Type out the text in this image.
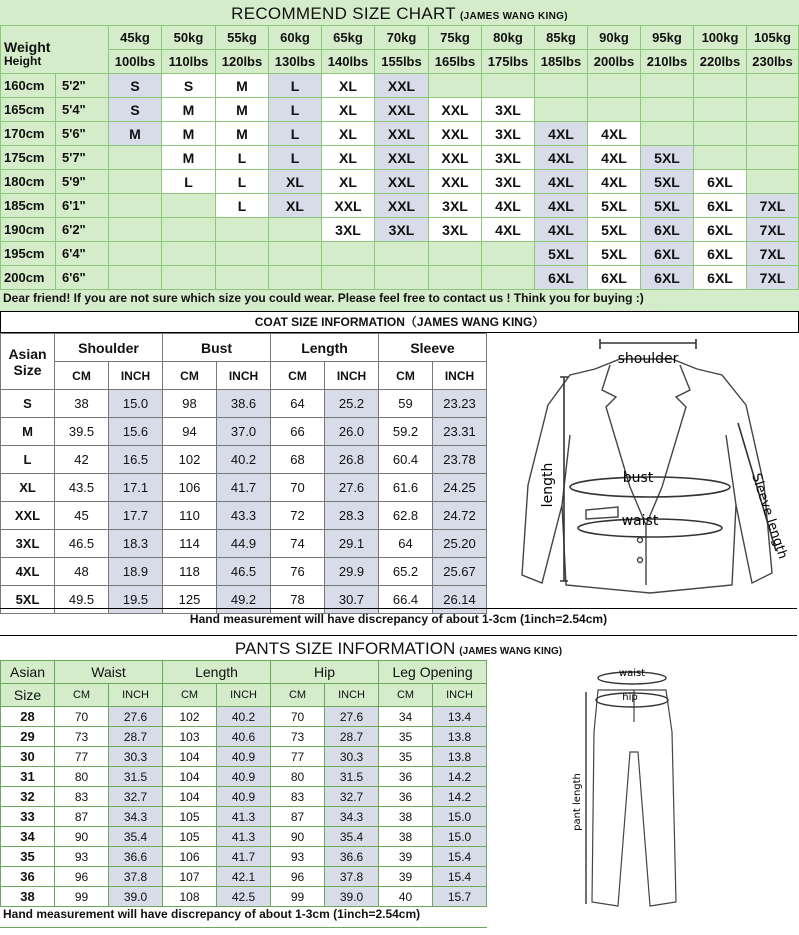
RECOMMEND SIZE CHART (JAMES WANG KING)
Weight
Height		45kg	50kg	55kg	60kg	65kg	70kg	75kg	80kg	85kg	90kg	95kg	100kg	105kg
		100lbs	110lbs	120lbs	130lbs	140lbs	155lbs	165lbs	175lbs	185lbs	200lbs	210lbs	220lbs	230lbs
160cm	5'2"	S	S	M	L	XL	XXL							
165cm	5'4"	S	M	M	L	XL	XXL	XXL	3XL					
170cm	5'6"	M	M	M	L	XL	XXL	XXL	3XL	4XL	4XL			
175cm	5'7"		M	L	L	XL	XXL	XXL	3XL	4XL	4XL	5XL		
180cm	5'9"		L	L	XL	XL	XXL	XXL	3XL	4XL	4XL	5XL	6XL	
185cm	6'1"			L	XL	XXL	XXL	3XL	4XL	4XL	5XL	5XL	6XL	7XL
190cm	6'2"					3XL	3XL	3XL	4XL	4XL	5XL	6XL	6XL	7XL
195cm	6'4"									5XL	5XL	6XL	6XL	7XL
200cm	6'6"									6XL	6XL	6XL	6XL	7XL
Dear friend! If you are not sure which size you could wear. Please feel free to contact us ! Think you for buying :)
COAT SIZE INFORMATION（JAMES WANG KING）
Asian
Size	Shoulder		Bust		Length		Sleeve	
	CM	INCH	CM	INCH	CM	INCH	CM	INCH
S	38	15.0	98	38.6	64	25.2	59	23.23
M	39.5	15.6	94	37.0	66	26.0	59.2	23.31
L	42	16.5	102	40.2	68	26.8	60.4	23.78
XL	43.5	17.1	106	41.7	70	27.6	61.6	24.25
XXL	45	17.7	110	43.3	72	28.3	62.8	24.72
3XL	46.5	18.3	114	44.9	74	29.1	64	25.20
4XL	48	18.9	118	46.5	76	29.9	65.2	25.67
5XL	49.5	19.5	125	49.2	78	30.7	66.4	26.14
shoulder
length	bust
waist	Sleeve length
Hand measurement will have discrepancy of about 1-3cm (1inch=2.54cm)
PANTS SIZE INFORMATION (JAMES WANG KING)
Asian	Waist		Length		Hip		Leg Opening	
Size	CM	INCH	CM	INCH	CM	INCH	CM	INCH
28	70	27.6	102	40.2	70	27.6	34	13.4
29	73	28.7	103	40.6	73	28.7	35	13.8
30	77	30.3	104	40.9	77	30.3	35	13.8
31	80	31.5	104	40.9	80	31.5	36	14.2
32	83	32.7	104	40.9	83	32.7	36	14.2
33	87	34.3	105	41.3	87	34.3	38	15.0
34	90	35.4	105	41.3	90	35.4	38	15.0
35	93	36.6	106	41.7	93	36.6	39	15.4
36	96	37.8	107	42.1	96	37.8	39	15.4
38	99	39.0	108	42.5	99	39.0	40	15.7
waist
hip
pant length
Hand measurement will have discrepancy of about 1-3cm (1inch=2.54cm)
